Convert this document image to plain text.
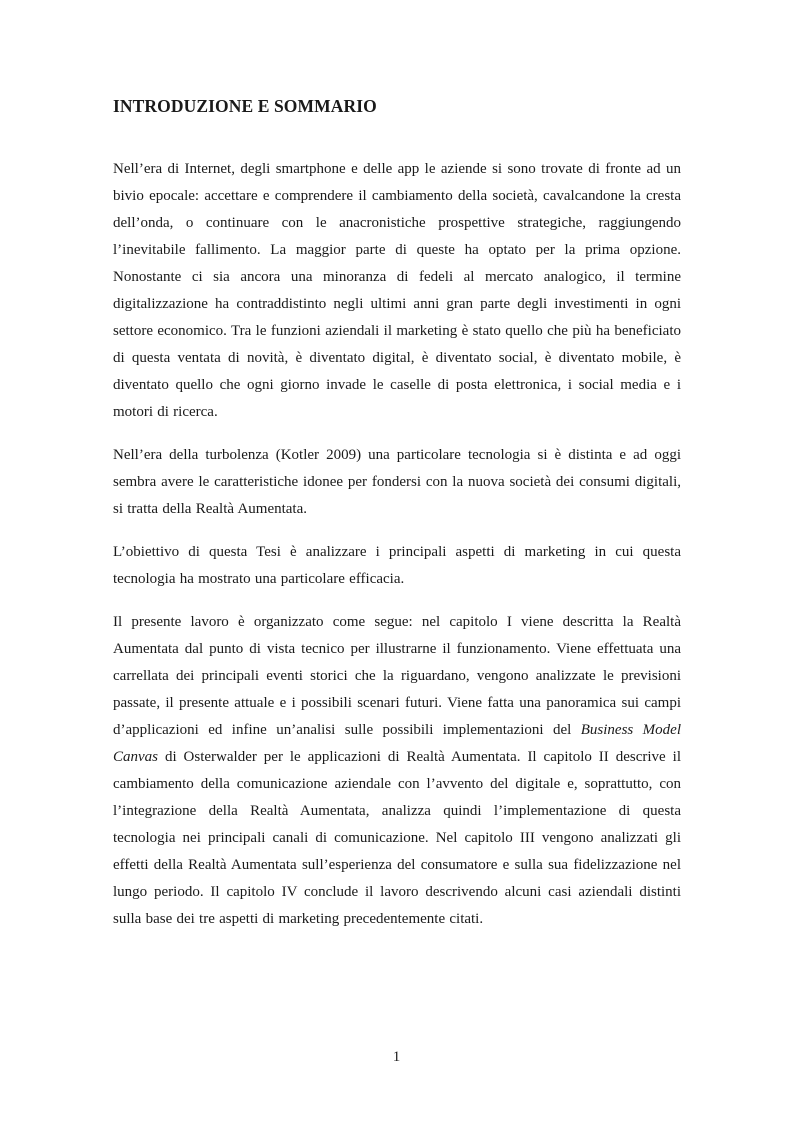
INTRODUZIONE E SOMMARIO

Nell’era di Internet, degli smartphone e delle app le aziende si sono trovate di fronte ad un bivio epocale: accettare e comprendere il cambiamento della società, cavalcandone la cresta dell’onda, o continuare con le anacronistiche prospettive strategiche, raggiungendo l’inevitabile fallimento. La maggior parte di queste ha optato per la prima opzione. Nonostante ci sia ancora una minoranza di fedeli al mercato analogico, il termine digitalizzazione ha contraddistinto negli ultimi anni gran parte degli investimenti in ogni settore economico. Tra le funzioni aziendali il marketing è stato quello che più ha beneficiato di questa ventata di novità, è diventato digital, è diventato social, è diventato mobile, è diventato quello che ogni giorno invade le caselle di posta elettronica, i social media e i motori di ricerca.

Nell’era della turbolenza (Kotler 2009) una particolare tecnologia si è distinta e ad oggi sembra avere le caratteristiche idonee per fondersi con la nuova società dei consumi digitali, si tratta della Realtà Aumentata.

L’obiettivo di questa Tesi è analizzare i principali aspetti di marketing in cui questa tecnologia ha mostrato una particolare efficacia.

Il presente lavoro è organizzato come segue: nel capitolo I viene descritta la Realtà Aumentata dal punto di vista tecnico per illustrarne il funzionamento. Viene effettuata una carrellata dei principali eventi storici che la riguardano, vengono analizzate le previsioni passate, il presente attuale e i possibili scenari futuri. Viene fatta una panoramica sui campi d’applicazioni ed infine un’analisi sulle possibili implementazioni del Business Model Canvas di Osterwalder per le applicazioni di Realtà Aumentata. Il capitolo II descrive il cambiamento della comunicazione aziendale con l’avvento del digitale e, soprattutto, con l’integrazione della Realtà Aumentata, analizza quindi l’implementazione di questa tecnologia nei principali canali di comunicazione. Nel capitolo III vengono analizzati gli effetti della Realtà Aumentata sull’esperienza del consumatore e sulla sua fidelizzazione nel lungo periodo. Il capitolo IV conclude il lavoro descrivendo alcuni casi aziendali distinti sulla base dei tre aspetti di marketing precedentemente citati.

1
